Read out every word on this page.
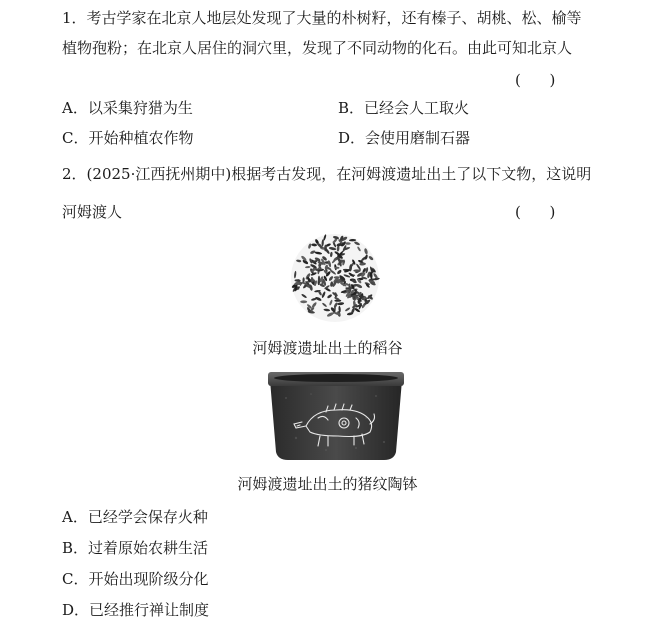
1．考古学家在北京人地层处发现了大量的朴树籽，还有榛子、胡桃、松、榆等
植物孢粉；在北京人居住的洞穴里，发现了不同动物的化石。由此可知北京人
(      )
A．以采集狩猎为生	B．已经会人工取火
C．开始种植农作物	D．会使用磨制石器
2．(2025·江西抚州期中)根据考古发现，在河姆渡遗址出土了以下文物，这说明
河姆渡人	(      )
河姆渡遗址出土的稻谷
河姆渡遗址出土的猪纹陶钵
A．已经学会保存火种
B．过着原始农耕生活
C．开始出现阶级分化
D．已经推行禅让制度
